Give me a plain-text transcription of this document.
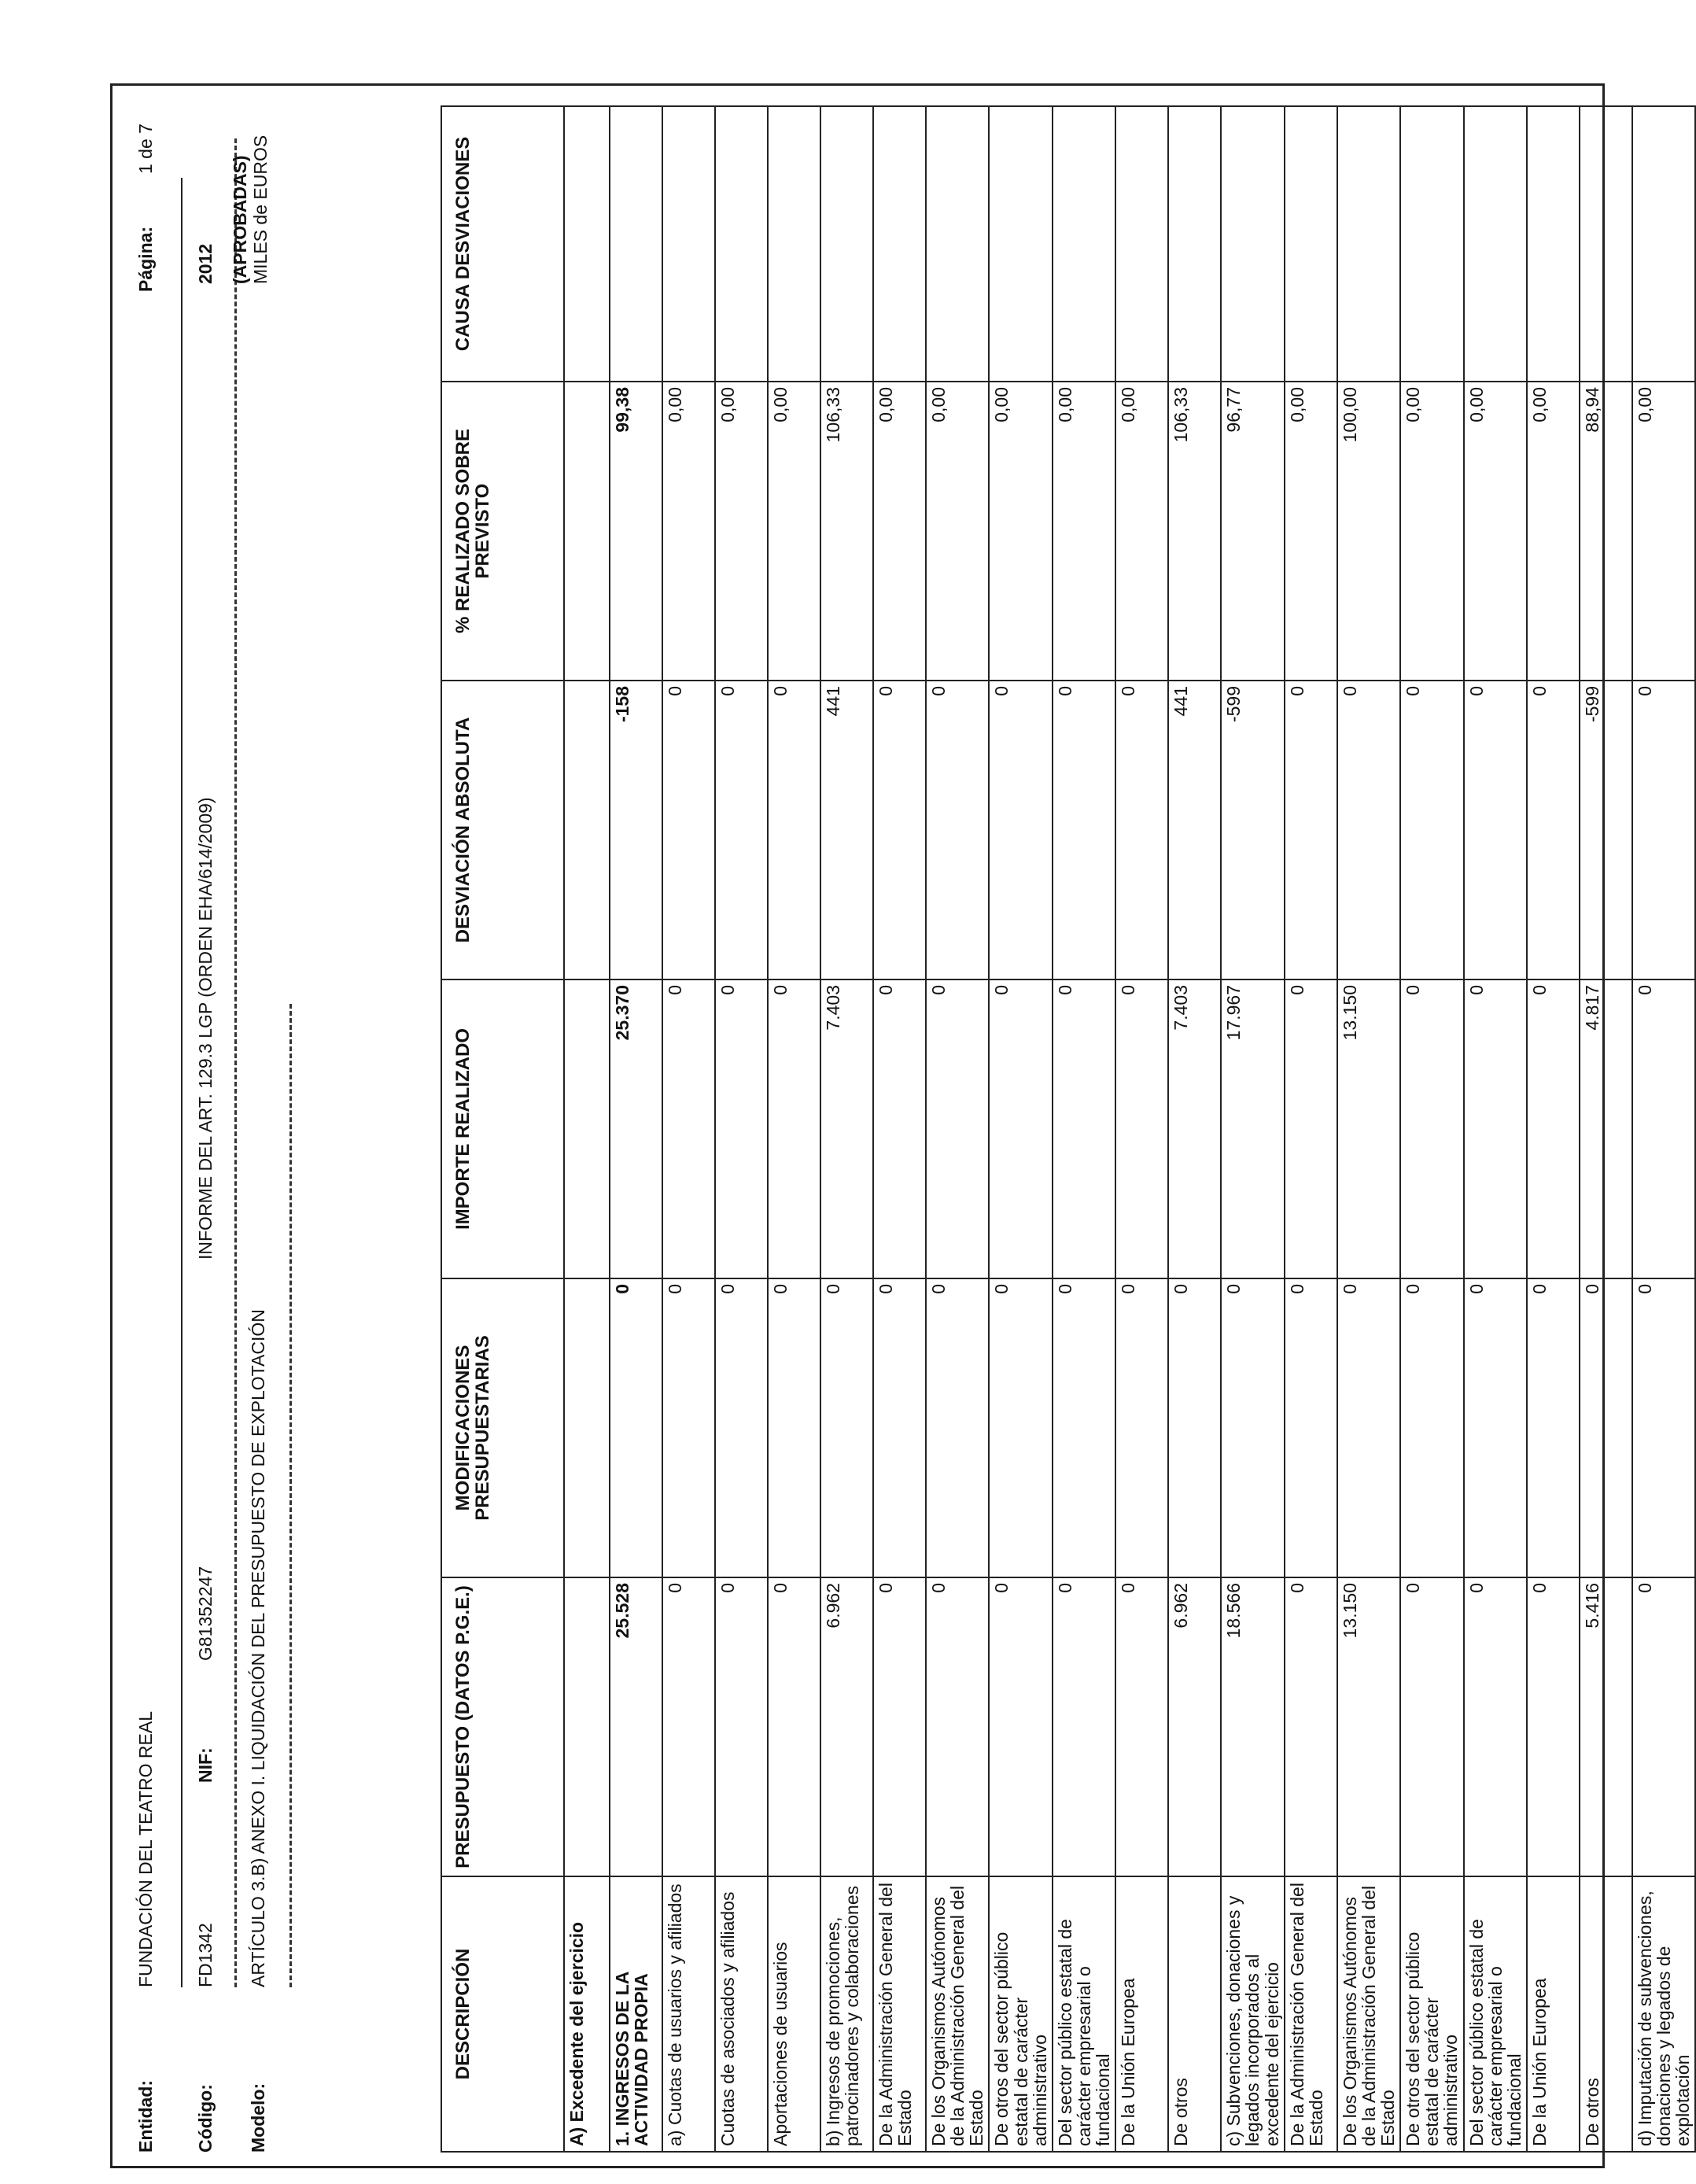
Entidad:
FUNDACIÓN DEL TEATRO REAL
Código:
FD1342
NIF:
G81352247
INFORME DEL ART. 129.3 LGP (ORDEN EHA/614/2009)
Modelo:
ARTÍCULO 3.B) ANEXO I. LIQUIDACIÓN DEL PRESUPUESTO DE EXPLOTACIÓN
Página:
1 de 7
2012 (APROBADAS) MILES de EUROS
DESCRIPCIÓN	PRESUPUESTO (DATOS P.G.E.)	MODIFICACIONES PRESUPUESTARIAS	IMPORTE REALIZADO	DESVIACIÓN ABSOLUTA	% REALIZADO SOBRE PREVISTO	CAUSA DESVIACIONES
A) Excedente del ejercicio						
1. INGRESOS DE LA ACTIVIDAD PROPIA	25.528	0	25.370	-158	99,38	
a) Cuotas de usuarios y afiliados	0	0	0	0	0,00	
Cuotas de asociados y afiliados	0	0	0	0	0,00	
Aportaciones de usuarios	0	0	0	0	0,00	
b) Ingresos de promociones, patrocinadores y colaboraciones	6.962	0	7.403	441	106,33	
De la Administración General del Estado	0	0	0	0	0,00	
De los Organismos Autónomos de la Administración General del Estado	0	0	0	0	0,00	
De otros del sector público estatal de carácter administrativo	0	0	0	0	0,00	
Del sector público estatal de carácter empresarial o fundacional	0	0	0	0	0,00	
De la Unión Europea	0	0	0	0	0,00	
De otros	6.962	0	7.403	441	106,33	
c) Subvenciones, donaciones y legados incorporados al excedente del ejercicio	18.566	0	17.967	-599	96,77	
De la Administración General del Estado	0	0	0	0	0,00	
De los Organismos Autónomos de la Administración General del Estado	13.150	0	13.150	0	100,00	
De otros del sector público estatal de carácter administrativo	0	0	0	0	0,00	
Del sector público estatal de carácter empresarial o fundacional	0	0	0	0	0,00	
De la Unión Europea	0	0	0	0	0,00	
De otros	5.416	0	4.817	-599	88,94	
d) Imputación de subvenciones, donaciones y legados de explotación	0	0	0	0	0,00	
